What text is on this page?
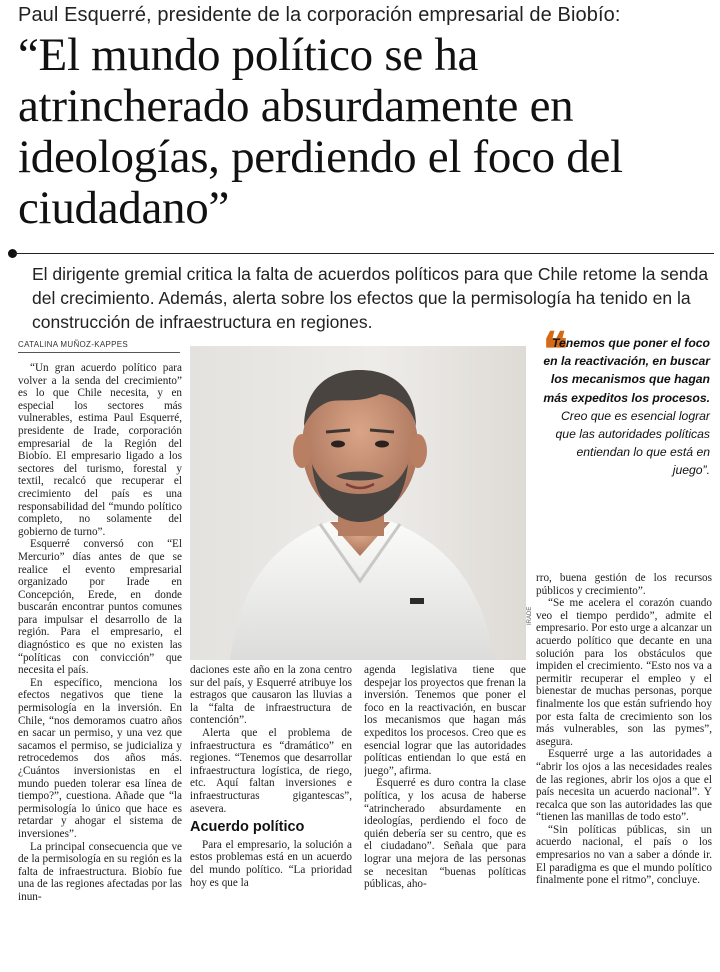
Paul Esquerré, presidente de la corporación empresarial de Biobío:
“El mundo político se ha atrincherado absurdamente en ideologías, perdiendo el foco del ciudadano”
El dirigente gremial critica la falta de acuerdos políticos para que Chile retome la senda del crecimiento. Además, alerta sobre los efectos que la permisología ha tenido en la construcción de infraestructura en regiones.
CATALINA MUÑOZ-KAPPES

“Un gran acuerdo político para volver a la senda del crecimiento” es lo que Chile necesita, y en especial los sectores más vulnerables, estima Paul Esquerré, presidente de Irade, corporación empresarial de la Región del Biobío. El empresario ligado a los sectores del turismo, forestal y textil, recalcó que recuperar el crecimiento del país es una responsabilidad del “mundo político completo, no solamente del gobierno de turno”.

Esquerré conversó con “El Mercurio” días antes de que se realice el evento empresarial organizado por Irade en Concepción, Erede, en donde buscarán encontrar puntos comunes para impulsar el desarrollo de la región. Para el empresario, el diagnóstico es que no existen las “políticas con convicción” que necesita el país.

En específico, menciona los efectos negativos que tiene la permisología en la inversión. En Chile, “nos demoramos cuatro años en sacar un permiso, y una vez que sacamos el permiso, se judicializa y retrocedemos dos años más. ¿Cuántos inversionistas en el mundo pueden tolerar esa línea de tiempo?”, cuestiona. Añade que “la permisología lo único que hace es retardar y ahogar el sistema de inversiones”.

La principal consecuencia que ve de la permisología en su región es la falta de infraestructura. Biobío fue una de las regiones afectadas por las inun-

IRADE
❝
Tenemos que poner el foco en la reactivación, en buscar los mecanismos que hagan más expeditos los procesos. Creo que es esencial lograr que las autoridades políticas entiendan lo que está en juego”.

daciones este año en la zona centro sur del país, y Esquerré atribuye los estragos que causaron las lluvias a la “falta de infraestructura de contención”.

Alerta que el problema de infraestructura es “dramático” en regiones. “Tenemos que desarrollar infraestructura logística, de riego, etc. Aquí faltan inversiones e infraestructuras gigantescas”, asevera.

Acuerdo político

Para el empresario, la solución a estos problemas está en un acuerdo del mundo político. “La prioridad hoy es que la

agenda legislativa tiene que despejar los proyectos que frenan la inversión. Tenemos que poner el foco en la reactivación, en buscar los mecanismos que hagan más expeditos los procesos. Creo que es esencial lograr que las autoridades políticas entiendan lo que está en juego”, afirma.

Esquerré es duro contra la clase política, y los acusa de haberse “atrincherado absurdamente en ideologías, perdiendo el foco de quién debería ser su centro, que es el ciudadano”. Señala que para lograr una mejora de las personas se necesitan “buenas políticas públicas, aho-

rro, buena gestión de los recursos públicos y crecimiento”.

“Se me acelera el corazón cuando veo el tiempo perdido”, admite el empresario. Por esto urge a alcanzar un acuerdo político que decante en una solución para los obstáculos que impiden el crecimiento. “Esto nos va a permitir recuperar el empleo y el bienestar de muchas personas, porque finalmente los que están sufriendo hoy por esta falta de crecimiento son los más vulnerables, son las pymes”, asegura.

Esquerré urge a las autoridades a “abrir los ojos a las necesidades reales de las regiones, abrir los ojos a que el país necesita un acuerdo nacional”. Y recalca que son las autoridades las que “tienen las manillas de todo esto”.

“Sin políticas públicas, sin un acuerdo nacional, el país o los empresarios no van a saber a dónde ir. El paradigma es que el mundo político finalmente pone el ritmo”, concluye.
